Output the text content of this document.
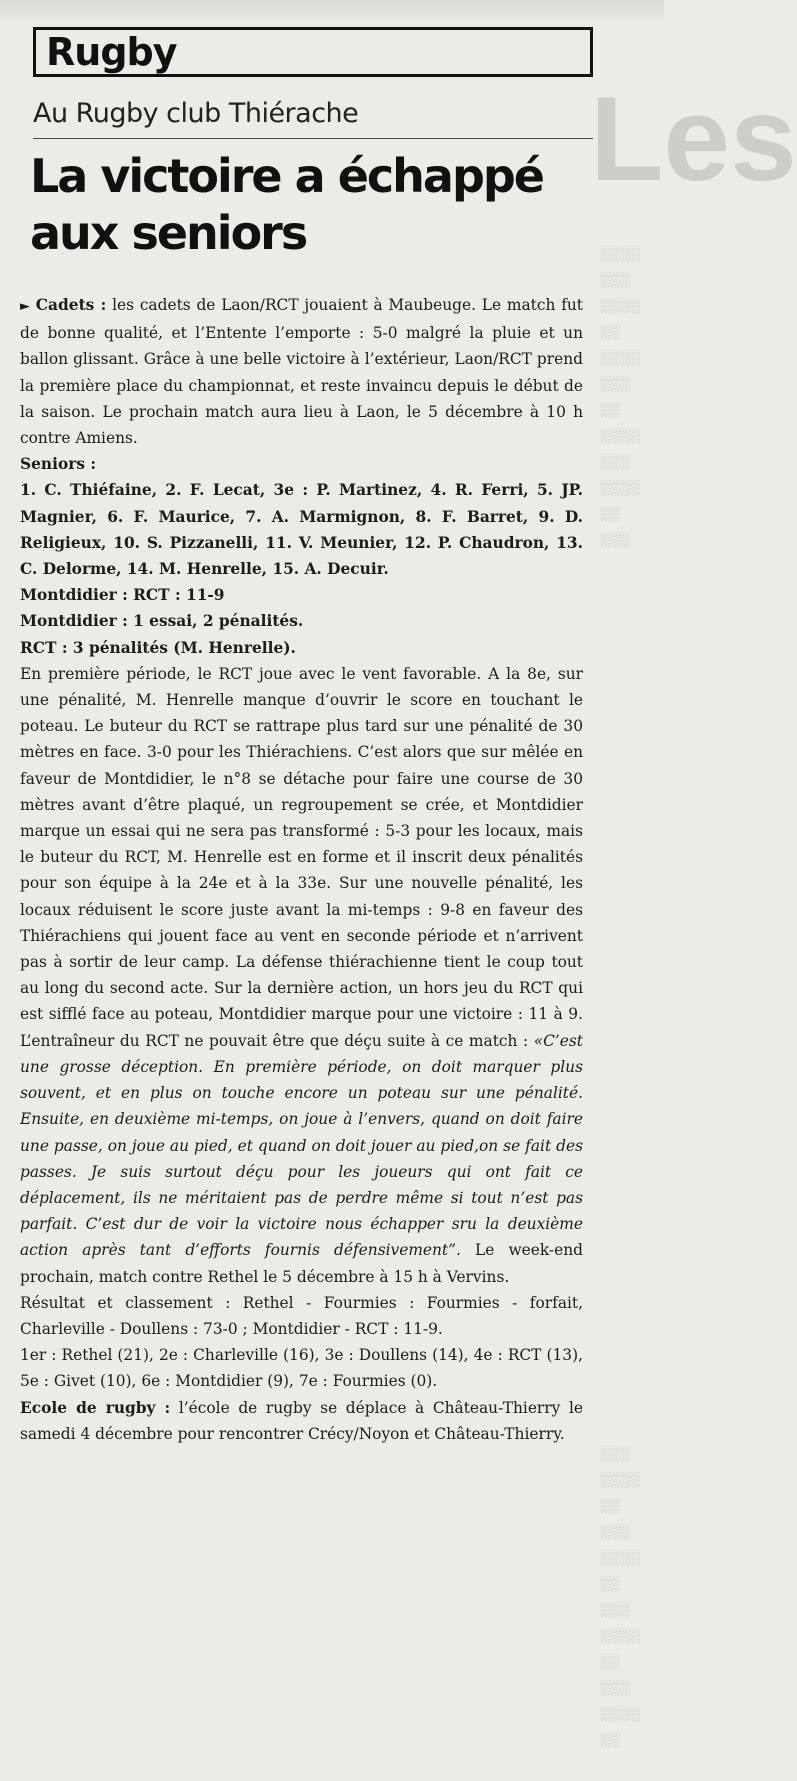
Les
░░░░
░░░
░░░░
░░
░░░░
░░░
░░
░░░░
░░░
░░░░
░░
░░░
░░░
░░░░
░░
░░░
░░░░
░░
░░░
░░░░
░░
░░░
░░░░
░░
Rugby
Au Rugby club Thiérache
La victoire a échappé aux seniors

► Cadets : les cadets de Laon/RCT jouaient à Maubeuge. Le match fut de bonne qualité, et l’Entente l’emporte : 5-0 malgré la pluie et un ballon glissant. Grâce à une belle victoire à l’extérieur, Laon/RCT prend la première place du championnat, et reste invaincu depuis le début de la saison. Le prochain match aura lieu à Laon, le 5 décembre à 10 h contre Amiens.

Seniors :

1. C. Thiéfaine, 2. F. Lecat, 3e : P. Martinez, 4. R. Ferri, 5. JP. Magnier, 6. F. Maurice, 7. A. Marmignon, 8. F. Barret, 9. D. Religieux, 10. S. Pizzanelli, 11. V. Meunier, 12. P. Chaudron, 13. C. Delorme, 14. M. Henrelle, 15. A. Decuir.

Montdidier : RCT : 11-9

Montdidier : 1 essai, 2 pénalités.

RCT : 3 pénalités (M. Henrelle).

En première période, le RCT joue avec le vent favorable. A la 8e, sur une pénalité, M. Henrelle manque d’ouvrir le score en touchant le poteau. Le buteur du RCT se rattrape plus tard sur une pénalité de 30 mètres en face. 3-0 pour les Thiérachiens. C’est alors que sur mêlée en faveur de Montdidier, le n°8 se détache pour faire une course de 30 mètres avant d’être plaqué, un regroupement se crée, et Montdidier marque un essai qui ne sera pas transformé : 5-3 pour les locaux, mais le buteur du RCT, M. Henrelle est en forme et il inscrit deux pénalités pour son équipe à la 24e et à la 33e. Sur une nouvelle pénalité, les locaux réduisent le score juste avant la mi-temps : 9-8 en faveur des Thiérachiens qui jouent face au vent en seconde période et n’arrivent pas à sortir de leur camp. La défense thiérachienne tient le coup tout au long du second acte. Sur la dernière action, un hors jeu du RCT qui est sifflé face au poteau, Montdidier marque pour une victoire : 11 à 9. L’entraîneur du RCT ne pouvait être que déçu suite à ce match : «C’est une grosse déception. En première période, on doit marquer plus souvent, et en plus on touche encore un poteau sur une pénalité. Ensuite, en deuxième mi-temps, on joue à l’envers, quand on doit faire une passe, on joue au pied, et quand on doit jouer au pied,on se fait des passes. Je suis surtout déçu pour les joueurs qui ont fait ce déplacement, ils ne méritaient pas de perdre même si tout n’est pas parfait. C’est dur de voir la victoire nous échapper sru la deuxième action après tant d’efforts fournis défensivement”. Le week-end prochain, match contre Rethel le 5 décembre à 15 h à Vervins.

Résultat et classement : Rethel - Fourmies : Fourmies - forfait, Charleville - Doullens : 73-0 ; Montdidier - RCT : 11-9.

1er : Rethel (21), 2e : Charleville (16), 3e : Doullens (14), 4e : RCT (13), 5e : Givet (10), 6e : Montdidier (9), 7e : Fourmies (0).

Ecole de rugby : l’école de rugby se déplace à Château-Thierry le samedi 4 décembre pour rencontrer Crécy/Noyon et Château-Thierry.
